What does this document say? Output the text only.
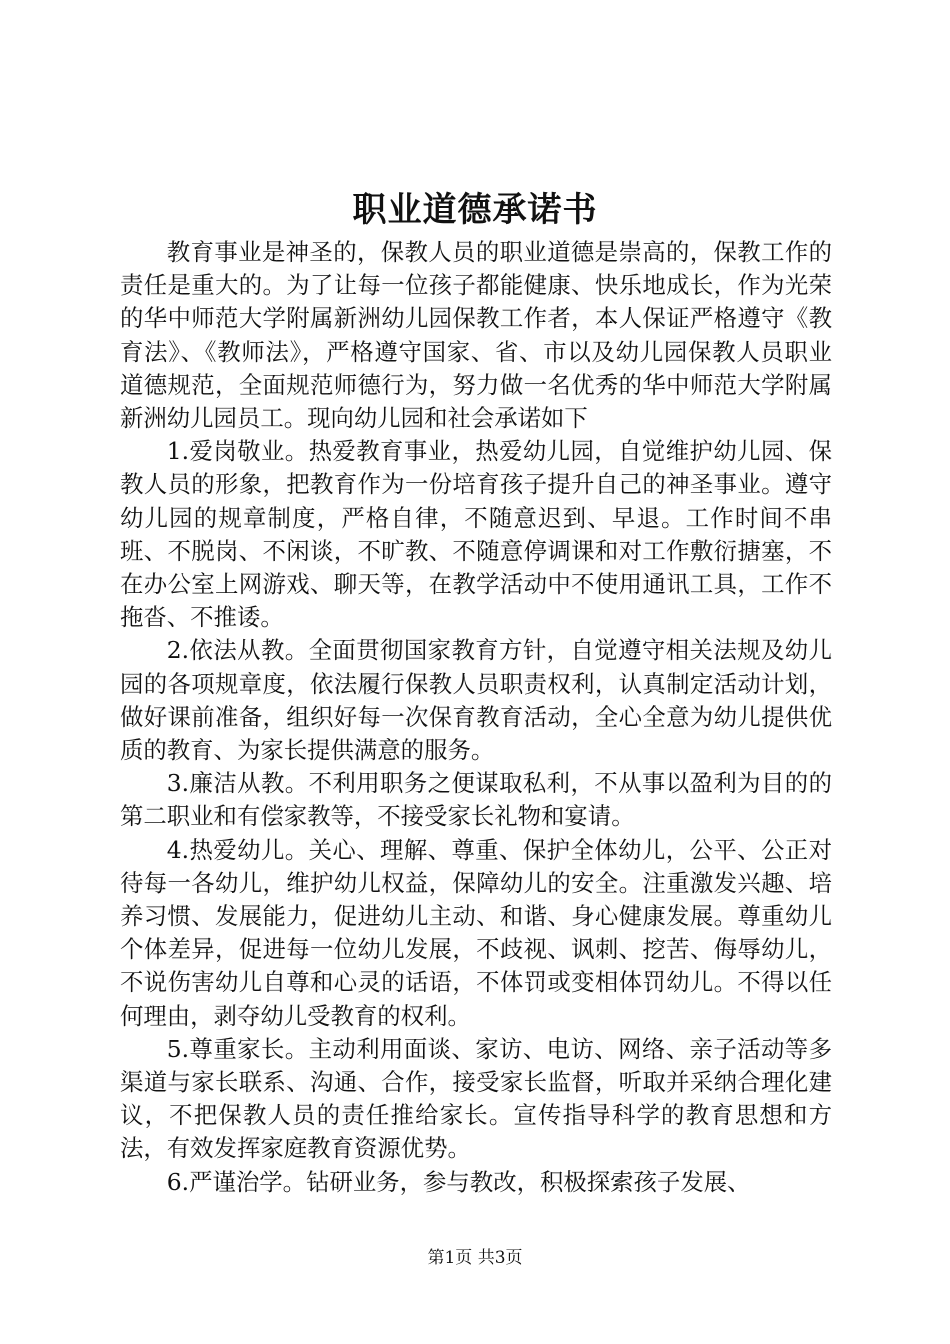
职业道德承诺书

教育事业是神圣的，保教人员的职业道德是崇高的，保教工作的责任是重大的。为了让每一位孩子都能健康、快乐地成长，作为光荣的华中师范大学附属新洲幼儿园保教工作者，本人保证严格遵守《教育法》、《教师法》，严格遵守国家、省、市以及幼儿园保教人员职业道德规范，全面规范师德行为，努力做一名优秀的华中师范大学附属新洲幼儿园员工。现向幼儿园和社会承诺如下

1.爱岗敬业。热爱教育事业，热爱幼儿园，自觉维护幼儿园、保教人员的形象，把教育作为一份培育孩子提升自己的神圣事业。遵守幼儿园的规章制度，严格自律，不随意迟到、早退。工作时间不串班、不脱岗、不闲谈，不旷教、不随意停调课和对工作敷衍搪塞，不在办公室上网游戏、聊天等，在教学活动中不使用通讯工具，工作不拖沓、不推诿。

2.依法从教。全面贯彻国家教育方针，自觉遵守相关法规及幼儿园的各项规章度，依法履行保教人员职责权利，认真制定活动计划，做好课前准备，组织好每一次保育教育活动，全心全意为幼儿提供优质的教育、为家长提供满意的服务。

3.廉洁从教。不利用职务之便谋取私利，不从事以盈利为目的的第二职业和有偿家教等，不接受家长礼物和宴请。

4.热爱幼儿。关心、理解、尊重、保护全体幼儿，公平、公正对待每一各幼儿，维护幼儿权益，保障幼儿的安全。注重激发兴趣、培养习惯、发展能力，促进幼儿主动、和谐、身心健康发展。尊重幼儿个体差异，促进每一位幼儿发展，不歧视、讽刺、挖苦、侮辱幼儿，不说伤害幼儿自尊和心灵的话语，不体罚或变相体罚幼儿。不得以任何理由，剥夺幼儿受教育的权利。

5.尊重家长。主动利用面谈、家访、电访、网络、亲子活动等多渠道与家长联系、沟通、合作，接受家长监督，听取并采纳合理化建议，不把保教人员的责任推给家长。宣传指导科学的教育思想和方法，有效发挥家庭教育资源优势。

6.严谨治学。钻研业务，参与教改，积极探索孩子发展、

第1页 共3页
